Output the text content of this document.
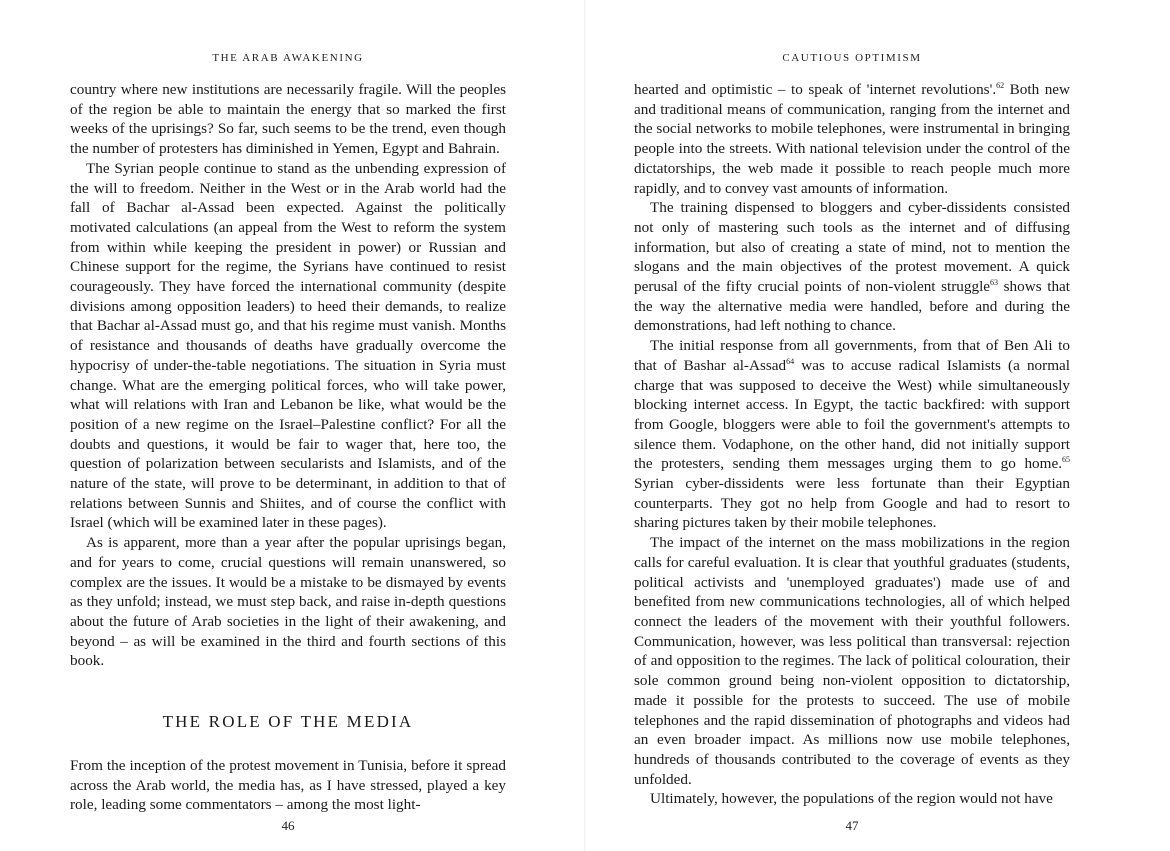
THE ARAB AWAKENING

country where new institutions are necessarily fragile. Will the peoples of the region be able to maintain the energy that so marked the first weeks of the uprisings? So far, such seems to be the trend, even though the number of protesters has diminished in Yemen, Egypt and Bahrain.

The Syrian people continue to stand as the unbending expression of the will to freedom. Neither in the West or in the Arab world had the fall of Bachar al-Assad been expected. Against the politically motivated calculations (an appeal from the West to reform the system from within while keeping the president in power) or Russian and Chinese support for the regime, the Syrians have continued to resist courageously. They have forced the international community (despite divisions among opposition leaders) to heed their demands, to realize that Bachar al-Assad must go, and that his regime must vanish. Months of resistance and thousands of deaths have gradually overcome the hypocrisy of under-the-table negotiations. The situation in Syria must change. What are the emerging political forces, who will take power, what will relations with Iran and Lebanon be like, what would be the position of a new regime on the Israel–Palestine conflict? For all the doubts and questions, it would be fair to wager that, here too, the question of polarization between secularists and Islamists, and of the nature of the state, will prove to be determinant, in addition to that of relations between Sunnis and Shiites, and of course the conflict with Israel (which will be examined later in these pages).

As is apparent, more than a year after the popular uprisings began, and for years to come, crucial questions will remain unanswered, so complex are the issues. It would be a mistake to be dismayed by events as they unfold; instead, we must step back, and raise in-depth questions about the future of Arab societies in the light of their awakening, and beyond – as will be examined in the third and fourth sections of this book.

THE ROLE OF THE MEDIA

From the inception of the protest movement in Tunisia, before it spread across the Arab world, the media has, as I have stressed, played a key role, leading some commentators – among the most light-

46
CAUTIOUS OPTIMISM

hearted and optimistic – to speak of 'internet revolutions'.$^{62}$ Both new and traditional means of communication, ranging from the internet and the social networks to mobile telephones, were instrumental in bringing people into the streets. With national television under the control of the dictatorships, the web made it possible to reach people much more rapidly, and to convey vast amounts of information.

The training dispensed to bloggers and cyber-dissidents consisted not only of mastering such tools as the internet and of diffusing information, but also of creating a state of mind, not to mention the slogans and the main objectives of the protest movement. A quick perusal of the fifty crucial points of non-violent struggle$^{63}$ shows that the way the alternative media were handled, before and during the demonstrations, had left nothing to chance.

The initial response from all governments, from that of Ben Ali to that of Bashar al-Assad$^{64}$ was to accuse radical Islamists (a normal charge that was supposed to deceive the West) while simultaneously blocking internet access. In Egypt, the tactic backfired: with support from Google, bloggers were able to foil the government's attempts to silence them. Vodaphone, on the other hand, did not initially support the protesters, sending them messages urging them to go home.$^{65}$ Syrian cyber-dissidents were less fortunate than their Egyptian counterparts. They got no help from Google and had to resort to sharing pictures taken by their mobile telephones.

The impact of the internet on the mass mobilizations in the region calls for careful evaluation. It is clear that youthful graduates (students, political activists and 'unemployed graduates') made use of and benefited from new communications technologies, all of which helped connect the leaders of the movement with their youthful followers. Communication, however, was less political than transversal: rejection of and opposition to the regimes. The lack of political colouration, their sole common ground being non-violent opposition to dictatorship, made it possible for the protests to succeed. The use of mobile telephones and the rapid dissemination of photographs and videos had an even broader impact. As millions now use mobile telephones, hundreds of thousands contributed to the coverage of events as they unfolded.

Ultimately, however, the populations of the region would not have

47
